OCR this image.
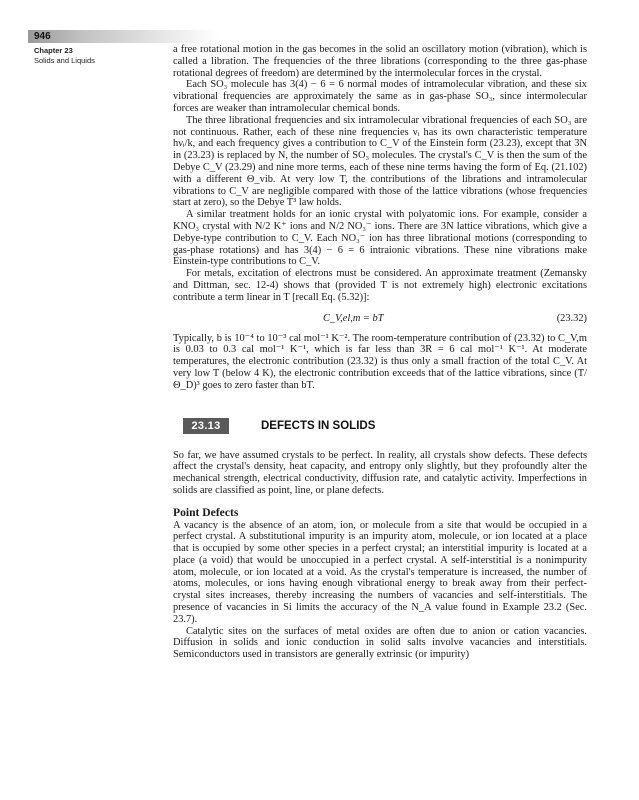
946
Chapter 23
Solids and Liquids

a free rotational motion in the gas becomes in the solid an oscillatory motion (vibration), which is called a libration. The frequencies of the three librations (corresponding to the three gas-phase rotational degrees of freedom) are determined by the intermolecular forces in the crystal.

Each SO₃ molecule has 3(4) − 6 = 6 normal modes of intramolecular vibration, and these six vibrational frequencies are approximately the same as in gas-phase SO₃, since intermolecular forces are weaker than intramolecular chemical bonds.

The three librational frequencies and six intramolecular vibrational frequencies of each SO₃ are not continuous. Rather, each of these nine frequencies νᵢ has its own characteristic temperature hνᵢ/k, and each frequency gives a contribution to C_V of the Einstein form (23.23), except that 3N in (23.23) is replaced by N, the number of SO₃ molecules. The crystal's C_V is then the sum of the Debye C_V (23.29) and nine more terms, each of these nine terms having the form of Eq. (21.102) with a different Θ_vib. At very low T, the contributions of the librations and intramolecular vibrations to C_V are negligible compared with those of the lattice vibrations (whose frequencies start at zero), so the Debye T³ law holds.

A similar treatment holds for an ionic crystal with polyatomic ions. For example, consider a KNO₃ crystal with N/2 K⁺ ions and N/2 NO₃⁻ ions. There are 3N lattice vibrations, which give a Debye-type contribution to C_V. Each NO₃⁻ ion has three librational motions (corresponding to gas-phase rotations) and has 3(4) − 6 = 6 intraionic vibrations. These nine vibrations make Einstein-type contributions to C_V.

For metals, excitation of electrons must be considered. An approximate treatment (Zemansky and Dittman, sec. 12-4) shows that (provided T is not extremely high) electronic excitations contribute a term linear in T [recall Eq. (5.32)]:

C_V,el,m = bT	(23.32)

Typically, b is 10⁻⁴ to 10⁻³ cal mol⁻¹ K⁻². The room-temperature contribution of (23.32) to C_V,m is 0.03 to 0.3 cal mol⁻¹ K⁻¹, which is far less than 3R = 6 cal mol⁻¹ K⁻¹. At moderate temperatures, the electronic contribution (23.32) is thus only a small fraction of the total C_V. At very low T (below 4 K), the electronic contribution exceeds that of the lattice vibrations, since (T/Θ_D)³ goes to zero faster than bT.

23.13	DEFECTS IN SOLIDS

So far, we have assumed crystals to be perfect. In reality, all crystals show defects. These defects affect the crystal's density, heat capacity, and entropy only slightly, but they profoundly alter the mechanical strength, electrical conductivity, diffusion rate, and catalytic activity. Imperfections in solids are classified as point, line, or plane defects.

Point Defects

A vacancy is the absence of an atom, ion, or molecule from a site that would be occupied in a perfect crystal. A substitutional impurity is an impurity atom, molecule, or ion located at a place that is occupied by some other species in a perfect crystal; an interstitial impurity is located at a place (a void) that would be unoccupied in a perfect crystal. A self-interstitial is a nonimpurity atom, molecule, or ion located at a void. As the crystal's temperature is increased, the number of atoms, molecules, or ions having enough vibrational energy to break away from their perfect-crystal sites increases, thereby increasing the numbers of vacancies and self-interstitials. The presence of vacancies in Si limits the accuracy of the N_A value found in Example 23.2 (Sec. 23.7).

Catalytic sites on the surfaces of metal oxides are often due to anion or cation vacancies. Diffusion in solids and ionic conduction in solid salts involve vacancies and interstitials. Semiconductors used in transistors are generally extrinsic (or impurity)
